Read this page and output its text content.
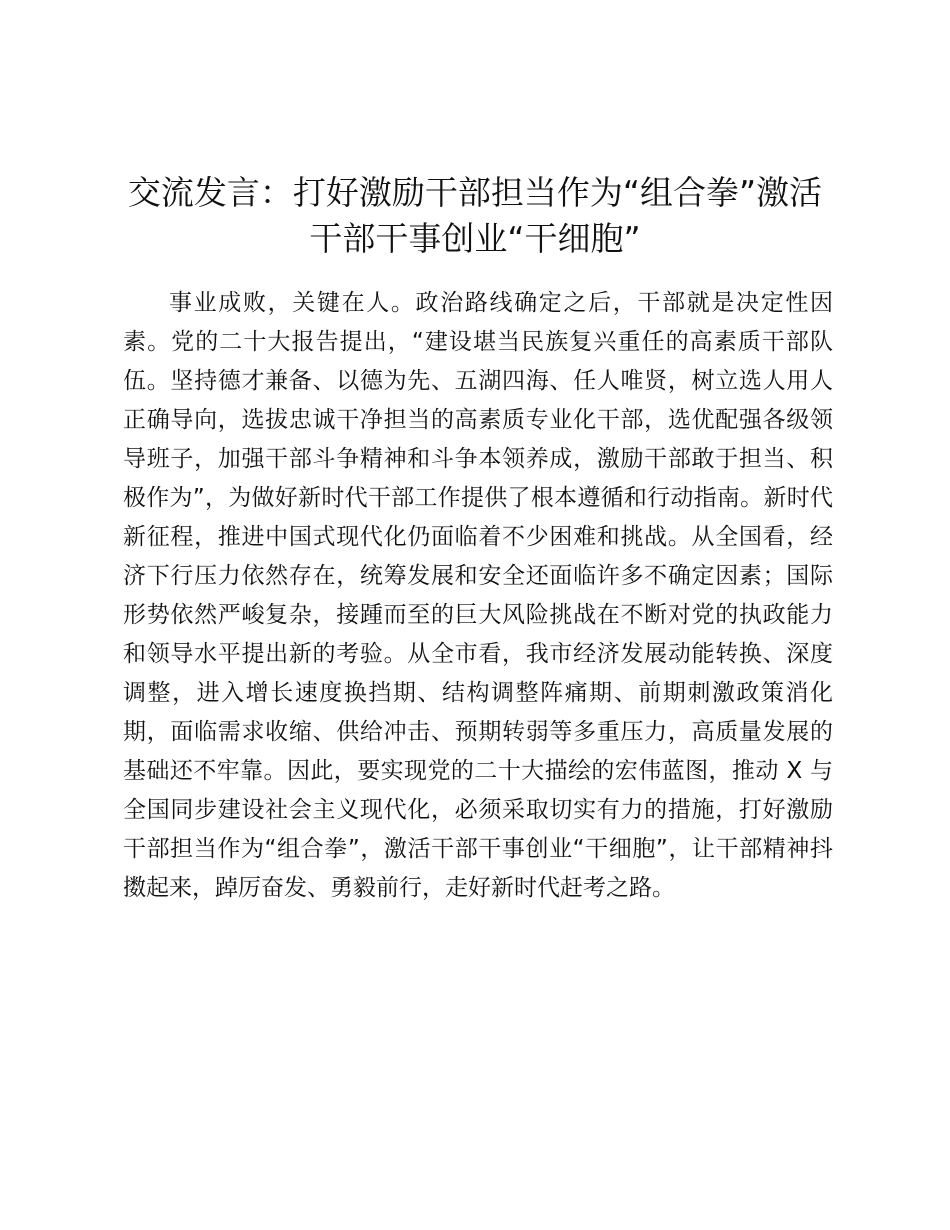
交流发言：打好激励干部担当作为“组合拳”激活干部干事创业“干细胞”

事业成败，关键在人。政治路线确定之后，干部就是决定性因素。党的二十大报告提出，“建设堪当民族复兴重任的高素质干部队伍。坚持德才兼备、以德为先、五湖四海、任人唯贤，树立选人用人正确导向，选拔忠诚干净担当的高素质专业化干部，选优配强各级领导班子，加强干部斗争精神和斗争本领养成，激励干部敢于担当、积极作为”，为做好新时代干部工作提供了根本遵循和行动指南。新时代新征程，推进中国式现代化仍面临着不少困难和挑战。从全国看，经济下行压力依然存在，统筹发展和安全还面临许多不确定因素；国际形势依然严峻复杂，接踵而至的巨大风险挑战在不断对党的执政能力和领导水平提出新的考验。从全市看，我市经济发展动能转换、深度调整，进入增长速度换挡期、结构调整阵痛期、前期刺激政策消化期，面临需求收缩、供给冲击、预期转弱等多重压力，高质量发展的基础还不牢靠。因此，要实现党的二十大描绘的宏伟蓝图，推动 X 与全国同步建设社会主义现代化，必须采取切实有力的措施，打好激励干部担当作为“组合拳”，激活干部干事创业“干细胞”，让干部精神抖擞起来，踔厉奋发、勇毅前行，走好新时代赶考之路。
